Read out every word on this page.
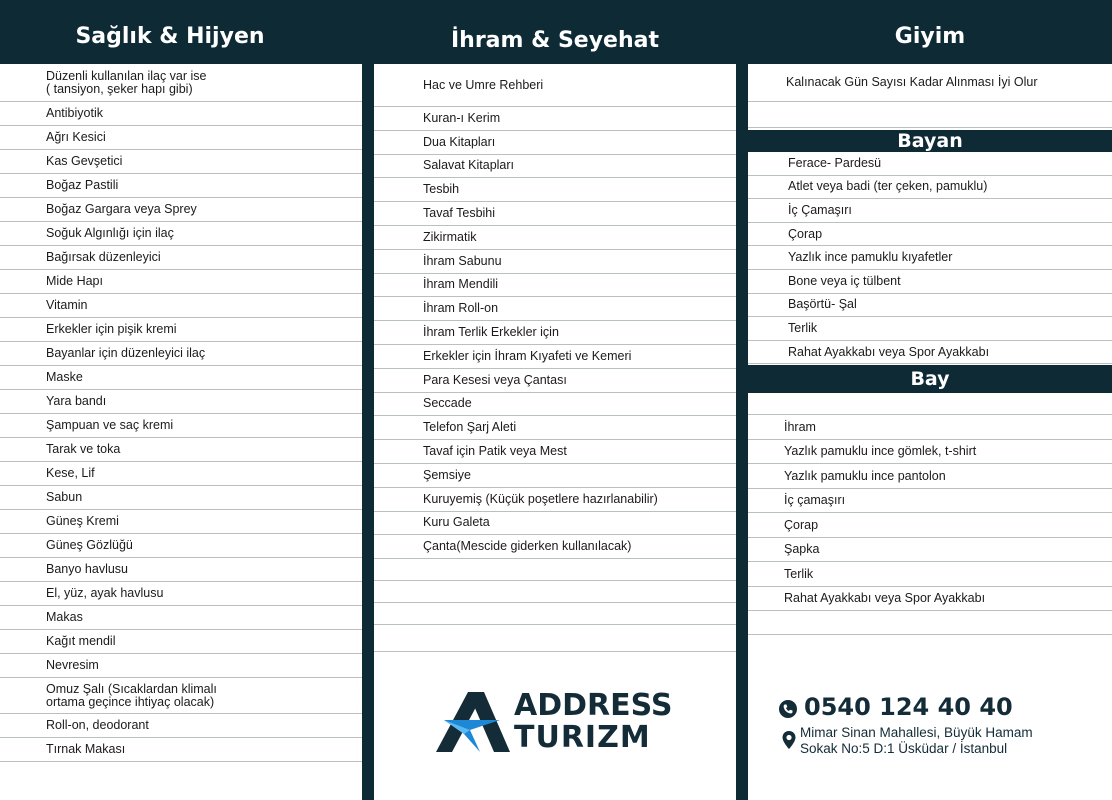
Sağlık & Hijyen	İhram & Seyehat	Giyim
Düzenli kullanılan ilaç var ise
( tansiyon, şeker hapı gibi)
Antibiyotik
Ağrı Kesici
Kas Gevşetici
Boğaz Pastili
Boğaz Gargara veya Sprey
Soğuk Algınlığı için ilaç
Bağırsak düzenleyici
Mide Hapı
Vitamin
Erkekler için pişik kremi
Bayanlar için düzenleyici ilaç
Maske
Yara bandı
Şampuan ve saç kremi
Tarak ve toka
Kese, Lif
Sabun
Güneş Kremi
Güneş Gözlüğü
Banyo havlusu
El, yüz, ayak havlusu
Makas
Kağıt mendil
Nevresim
Omuz Şalı (Sıcaklardan klimalı
ortama geçince ihtiyaç olacak)
Roll-on, deodorant
Tırnak Makası
Hac ve Umre Rehberi
Kuran-ı Kerim
Dua Kitapları
Salavat Kitapları
Tesbih
Tavaf Tesbihi
Zikirmatik
İhram Sabunu
İhram Mendili
İhram Roll-on
İhram Terlik Erkekler için
Erkekler için İhram Kıyafeti ve Kemeri
Para Kesesi veya Çantası
Seccade
Telefon Şarj Aleti
Tavaf için Patik veya Mest
Şemsiye
Kuruyemiş (Küçük poşetlere hazırlanabilir)
Kuru Galeta
Çanta(Mescide giderken kullanılacak)
Kalınacak Gün Sayısı Kadar Alınması İyi Olur
Bayan
Ferace- Pardesü
Atlet veya badi (ter çeken, pamuklu)
İç Çamaşırı
Çorap
Yazlık ince pamuklu kıyafetler
Bone veya iç tülbent
Başörtü- Şal
Terlik
Rahat Ayakkabı veya Spor Ayakkabı
Bay
İhram
Yazlık pamuklu ince gömlek, t-shirt
Yazlık pamuklu ince pantolon
İç çamaşırı
Çorap
Şapka
Terlik
Rahat Ayakkabı veya Spor Ayakkabı
ADDRESS
TURIZM
0540 124 40 40
Mimar Sinan Mahallesi, Büyük Hamam
Sokak No:5 D:1 Üsküdar / İstanbul
